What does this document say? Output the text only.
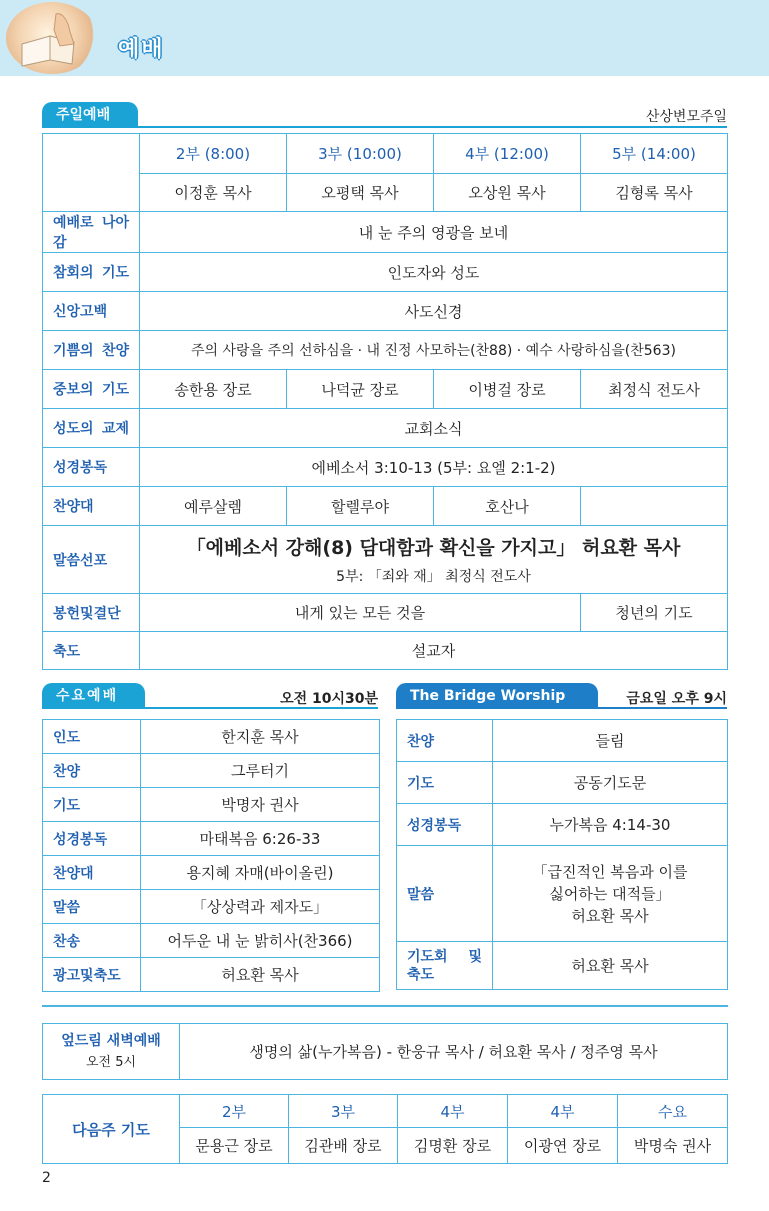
예배
주일예배	산상변모주일
	2부 (8:00)	3부 (10:00)	4부 (12:00)	5부 (14:00)
	이정훈 목사	오평택 목사	오상원 목사	김형록 목사
예배로 나아감	내 눈 주의 영광을 보네			
참회의 기도	인도자와 성도			
신앙고백	사도신경			
기쁨의 찬양	주의 사랑을 주의 선하심을 · 내 진정 사모하는(찬88) · 예수 사랑하심을(찬563)			
중보의 기도	송한용 장로	나덕균 장로	이병걸 장로	최정식 전도사
성도의 교제	교회소식			
성경봉독	에베소서 3:10-13 (5부: 요엘 2:1-2)			
찬양대	예루살렘	할렐루야	호산나	
말씀선포	「에베소서 강해(8) 담대함과 확신을 가지고」 허요환 목사
5부: 「죄와 재」 최정식 전도사			

봉헌및결단	내게 있는 모든 것을			청년의 기도
축도	설교자			
수요예배	오전 10시30분
인도	한지훈 목사
찬양	그루터기
기도	박명자 권사
성경봉독	마태복음 6:26-33
찬양대	용지혜 자매(바이올린)
말씀	「상상력과 제자도」
찬송	어두운 내 눈 밝히사(찬366)
광고및축도	허요환 목사
The Bridge Worship	금요일 오후 9시
찬양	들림
기도	공동기도문
성경봉독	누가복음 4:14-30
말씀	「급진적인 복음과 이를
싫어하는 대적들」
허요환 목사

기도회 및
축도	허요환 목사
엎드림 새벽예배
오전 5시
	생명의 삶(누가복음) - 한웅규 목사 / 허요환 목사 / 정주영 목사
다음주 기도	2부	3부	4부	4부	수요
	문용근 장로	김관배 장로	김명환 장로	이광연 장로	박명숙 권사
2
